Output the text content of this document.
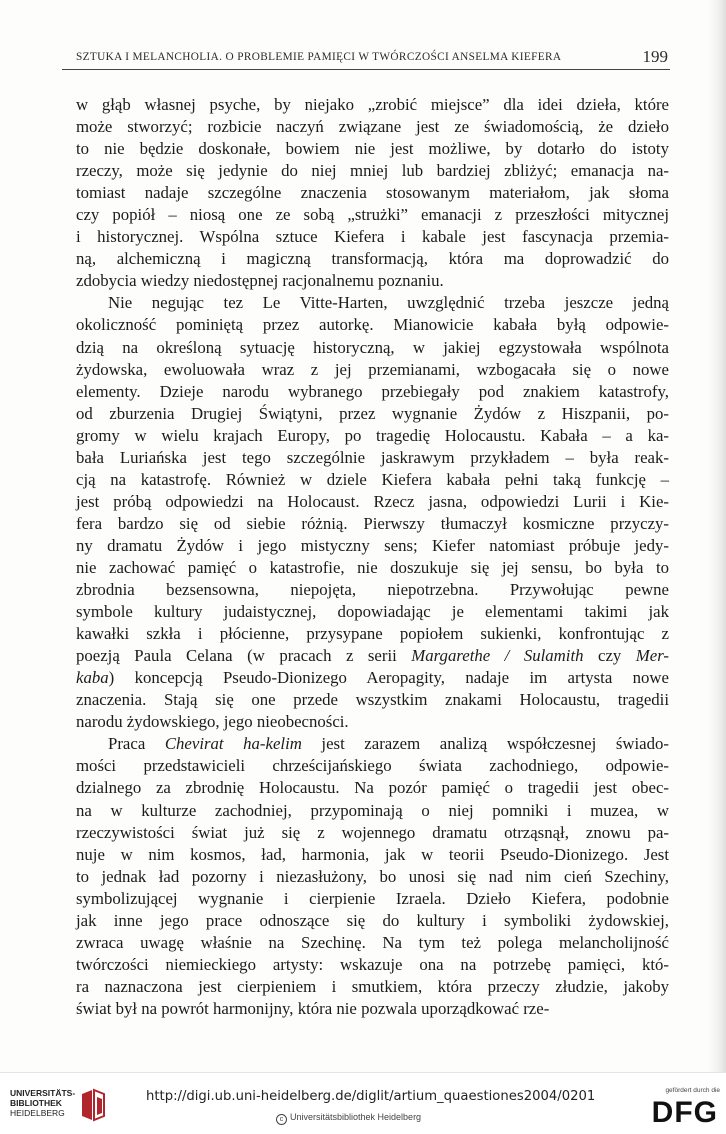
SZTUKA I MELANCHOLIA. O PROBLEMIE PAMIĘCI W TWÓRCZOŚCI ANSELMA KIEFERA	199
w głąb własnej psyche, by niejako „zrobić miejsce” dla idei dzieła, które
może stworzyć; rozbicie naczyń związane jest ze świadomością, że dzieło
to nie będzie doskonałe, bowiem nie jest możliwe, by dotarło do istoty
rzeczy, może się jedynie do niej mniej lub bardziej zbliżyć; emanacja na-
tomiast nadaje szczególne znaczenia stosowanym materiałom, jak słoma
czy popiół – niosą one ze sobą „strużki” emanacji z przeszłości mitycznej
i historycznej. Wspólna sztuce Kiefera i kabale jest fascynacja przemia-
ną, alchemiczną i magiczną transformacją, która ma doprowadzić do
zdobycia wiedzy niedostępnej racjonalnemu poznaniu.
Nie negując tez Le Vitte-Harten, uwzględnić trzeba jeszcze jedną
okoliczność pominiętą przez autorkę. Mianowicie kabała byłą odpowie-
dzią na określoną sytuację historyczną, w jakiej egzystowała wspólnota
żydowska, ewoluowała wraz z jej przemianami, wzbogacała się o nowe
elementy. Dzieje narodu wybranego przebiegały pod znakiem katastrofy,
od zburzenia Drugiej Świątyni, przez wygnanie Żydów z Hiszpanii, po-
gromy w wielu krajach Europy, po tragedię Holocaustu. Kabała – a ka-
bała Luriańska jest tego szczególnie jaskrawym przykładem – była reak-
cją na katastrofę. Również w dziele Kiefera kabała pełni taką funkcję –
jest próbą odpowiedzi na Holocaust. Rzecz jasna, odpowiedzi Lurii i Kie-
fera bardzo się od siebie różnią. Pierwszy tłumaczył kosmiczne przyczy-
ny dramatu Żydów i jego mistyczny sens; Kiefer natomiast próbuje jedy-
nie zachować pamięć o katastrofie, nie doszukuje się jej sensu, bo była to
zbrodnia bezsensowna, niepojęta, niepotrzebna. Przywołując pewne
symbole kultury judaistycznej, dopowiadając je elementami takimi jak
kawałki szkła i płócienne, przysypane popiołem sukienki, konfrontując z
poezją Paula Celana (w pracach z serii Margarethe / Sulamith czy Mer-
kaba) koncepcją Pseudo-Dionizego Aeropagity, nadaje im artysta nowe
znaczenia. Stają się one przede wszystkim znakami Holocaustu, tragedii
narodu żydowskiego, jego nieobecności.
Praca Chevirat ha-kelim jest zarazem analizą współczesnej świado-
mości przedstawicieli chrześcijańskiego świata zachodniego, odpowie-
dzialnego za zbrodnię Holocaustu. Na pozór pamięć o tragedii jest obec-
na w kulturze zachodniej, przypominają o niej pomniki i muzea, w
rzeczywistości świat już się z wojennego dramatu otrząsnął, znowu pa-
nuje w nim kosmos, ład, harmonia, jak w teorii Pseudo-Dionizego. Jest
to jednak ład pozorny i niezasłużony, bo unosi się nad nim cień Szechiny,
symbolizującej wygnanie i cierpienie Izraela. Dzieło Kiefera, podobnie
jak inne jego prace odnoszące się do kultury i symboliki żydowskiej,
zwraca uwagę właśnie na Szechinę. Na tym też polega melancholijność
twórczości niemieckiego artysty: wskazuje ona na potrzebę pamięci, któ-
ra naznaczona jest cierpieniem i smutkiem, która przeczy złudzie, jakoby
świat był na powrót harmonijny, która nie pozwala uporządkować rze-
UNIVERSITÄTS-
BIBLIOTHEK
HEIDELBERG
http://digi.ub.uni-heidelberg.de/diglit/artium_quaestiones2004/0201
c Universitätsbibliothek Heidelberg
gefördert durch die
DFG
